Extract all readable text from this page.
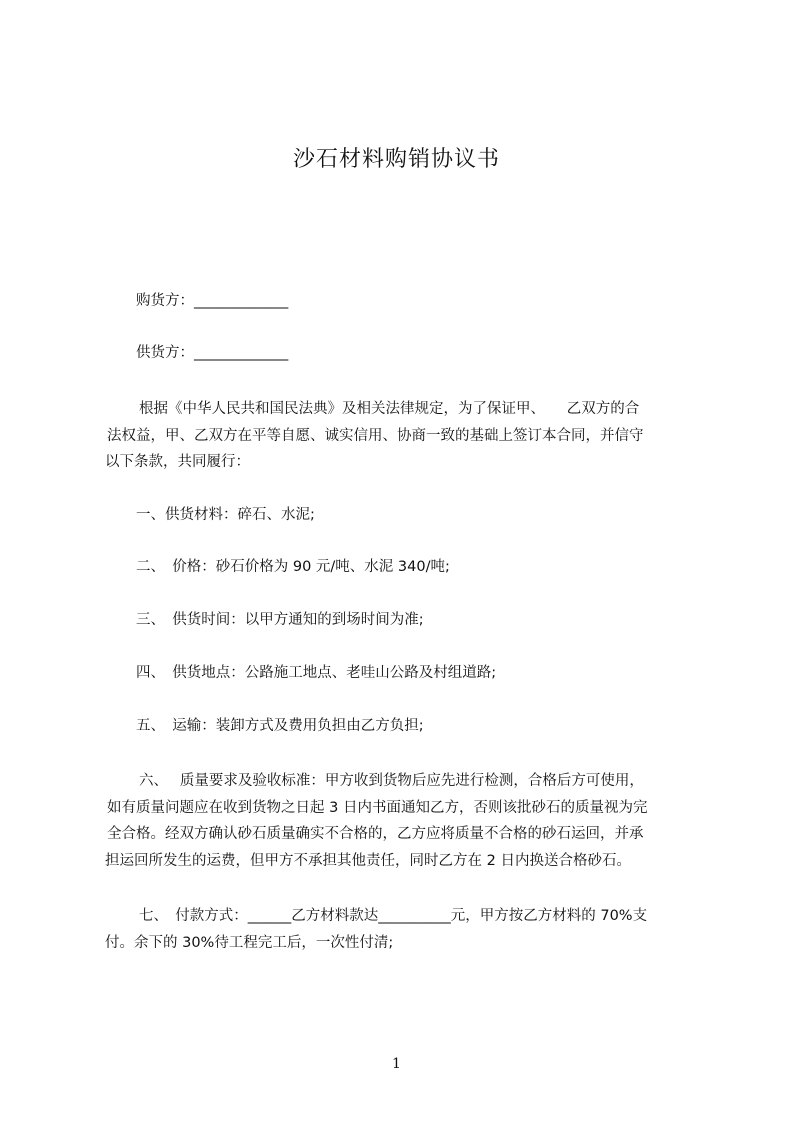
沙石材料购销协议书
购货方：_____________
供货方：_____________
根据《中华人民共和国民法典》及相关法律规定，为了保证甲、　　乙双方的合
法权益，甲、乙双方在平等自愿、诚实信用、协商一致的基础上签订本合同，并信守
以下条款，共同履行：
一、供货材料：碎石、水泥;
二、　价格：砂石价格为 90 元/吨、水泥 340/吨;
三、　供货时间：以甲方通知的到场时间为准;
四、　供货地点：公路施工地点、老哇山公路及村组道路;
五、　运输：装卸方式及费用负担由乙方负担;
六、　 质量要求及验收标准：甲方收到货物后应先进行检测，合格后方可使用，
如有质量问题应在收到货物之日起 3 日内书面通知乙方，否则该批砂石的质量视为完
全合格。经双方确认砂石质量确实不合格的，乙方应将质量不合格的砂石运回，并承
担运回所发生的运费，但甲方不承担其他责任，同时乙方在 2 日内换送合格砂石。
七、　付款方式：______乙方材料款达__________元，甲方按乙方材料的 70%支
付。余下的 30%待工程完工后，一次性付清;
1
